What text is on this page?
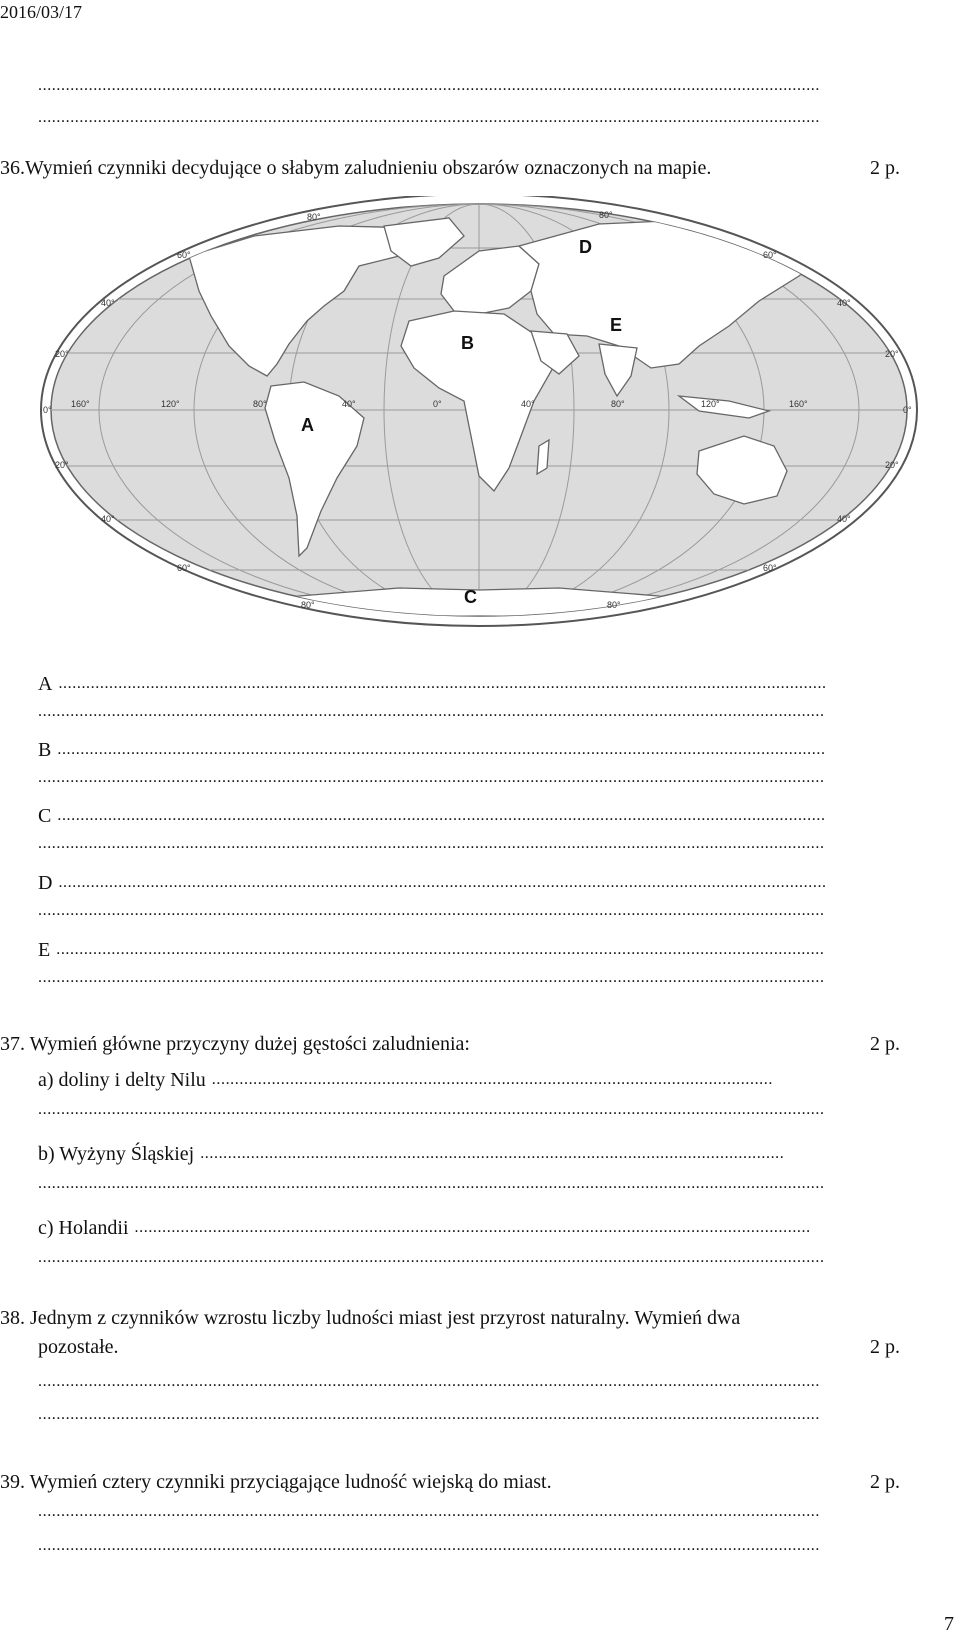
2016/03/17
..........................................................................................................................................................................
..........................................................................................................................................................................
36.Wymień czynniki decydujące o słabym zaludnieniu obszarów oznaczonych na mapie.	2 p.
A
B
C
D
E
60°
40°
20°
0°
20°
40°
60°
60°
40°
20°
0°
20°
40°
60°
80°	80°
80°	80°
160°	120°	80°	40°	0°	40°	80°	120°	160°
A .......................................................................................................................................................................
...........................................................................................................................................................................
B .......................................................................................................................................................................
...........................................................................................................................................................................
C .......................................................................................................................................................................
...........................................................................................................................................................................
D .......................................................................................................................................................................
...........................................................................................................................................................................
E .......................................................................................................................................................................
...........................................................................................................................................................................
37. Wymień główne przyczyny dużej gęstości zaludnienia:	2 p.
a) doliny i delty Nilu ..........................................................................................................................
...........................................................................................................................................................................
b) Wyżyny Śląskiej ...............................................................................................................................
...........................................................................................................................................................................
c) Holandii ...................................................................................................................................................
...........................................................................................................................................................................
38. Jednym z czynników wzrostu liczby ludności miast jest przyrost naturalny. Wymień dwa
pozostałe.	2 p.
..........................................................................................................................................................................
..........................................................................................................................................................................
39. Wymień cztery czynniki przyciągające ludność wiejską do miast.	2 p.
..........................................................................................................................................................................
..........................................................................................................................................................................
7
